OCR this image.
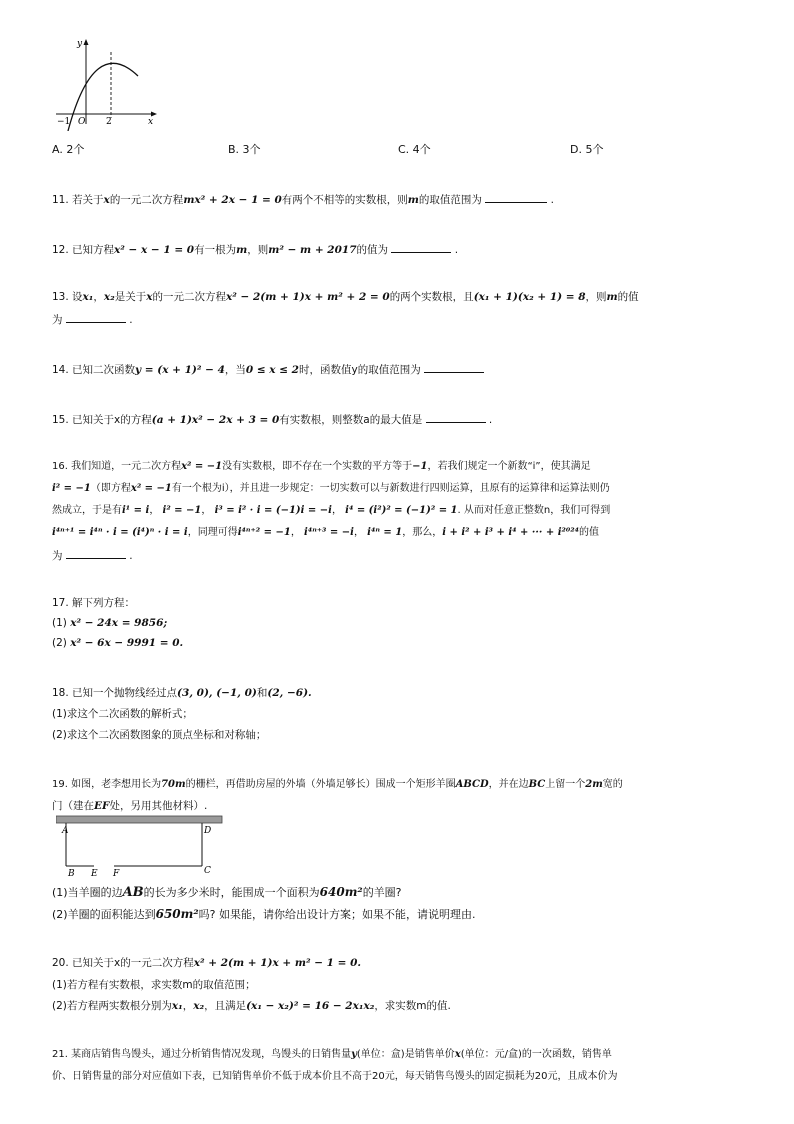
y
x
−1 O 2
A. 2个	B. 3个	C. 4个	D. 5个
11. 若关于x的一元二次方程mx² + 2x − 1 = 0有两个不相等的实数根，则m的取值范围为	.
12. 已知方程x² − x − 1 = 0有一根为m，则m² − m + 2017的值为	.
13. 设x₁，x₂是关于x的一元二次方程x² − 2(m + 1)x + m² + 2 = 0的两个实数根，且(x₁ + 1)(x₂ + 1) = 8，则m的值
为	.
14. 已知二次函数y = (x + 1)² − 4，当0 ≤ x ≤ 2时，函数值y的取值范围为
15. 已知关于x的方程(a + 1)x² − 2x + 3 = 0有实数根，则整数a的最大值是	.
16. 我们知道，一元二次方程x² = −1没有实数根，即不存在一个实数的平方等于−1，若我们规定一个新数“i”，使其满足
i² = −1（即方程x² = −1有一个根为i），并且进一步规定：一切实数可以与新数进行四则运算，且原有的运算律和运算法则仍
然成立，于是有i¹ = i， i² = −1， i³ = i² · i = (−1)i = −i， i⁴ = (i²)² = (−1)² = 1. 从而对任意正整数n，我们可得到
i⁴ⁿ⁺¹ = i⁴ⁿ · i = (i⁴)ⁿ · i = i，同理可得i⁴ⁿ⁺² = −1， i⁴ⁿ⁺³ = −i， i⁴ⁿ = 1，那么，i + i² + i³ + i⁴ + ··· + i²⁰²⁴的值
为	.
17. 解下列方程：
(1) x² − 24x = 9856;
(2) x² − 6x − 9991 = 0.
18. 已知一个抛物线经过点(3, 0), (−1, 0)和(2, −6).
(1)求这个二次函数的解析式；
(2)求这个二次函数图象的顶点坐标和对称轴；
19. 如图，老李想用长为70m的栅栏，再借助房屋的外墙（外墙足够长）围成一个矩形羊圈ABCD，并在边BC上留一个2m宽的
门（建在EF处，另用其他材料）.
A	D
B E F	C
(1)当羊圈的边AB的长为多少米时，能围成一个面积为640m²的羊圈?
(2)羊圈的面积能达到650m²吗? 如果能，请你给出设计方案；如果不能，请说明理由.
20. 已知关于x的一元二次方程x² + 2(m + 1)x + m² − 1 = 0.
(1)若方程有实数根，求实数m的取值范围；
(2)若方程两实数根分别为x₁，x₂，且满足(x₁ − x₂)² = 16 − 2x₁x₂，求实数m的值.
21. 某商店销售鸟馒头，通过分析销售情况发现，鸟馒头的日销售量y(单位：盒)是销售单价x(单位：元/盒)的一次函数，销售单
价、日销售量的部分对应值如下表，已知销售单价不低于成本价且不高于20元，每天销售鸟馒头的固定损耗为20元，且成本价为
